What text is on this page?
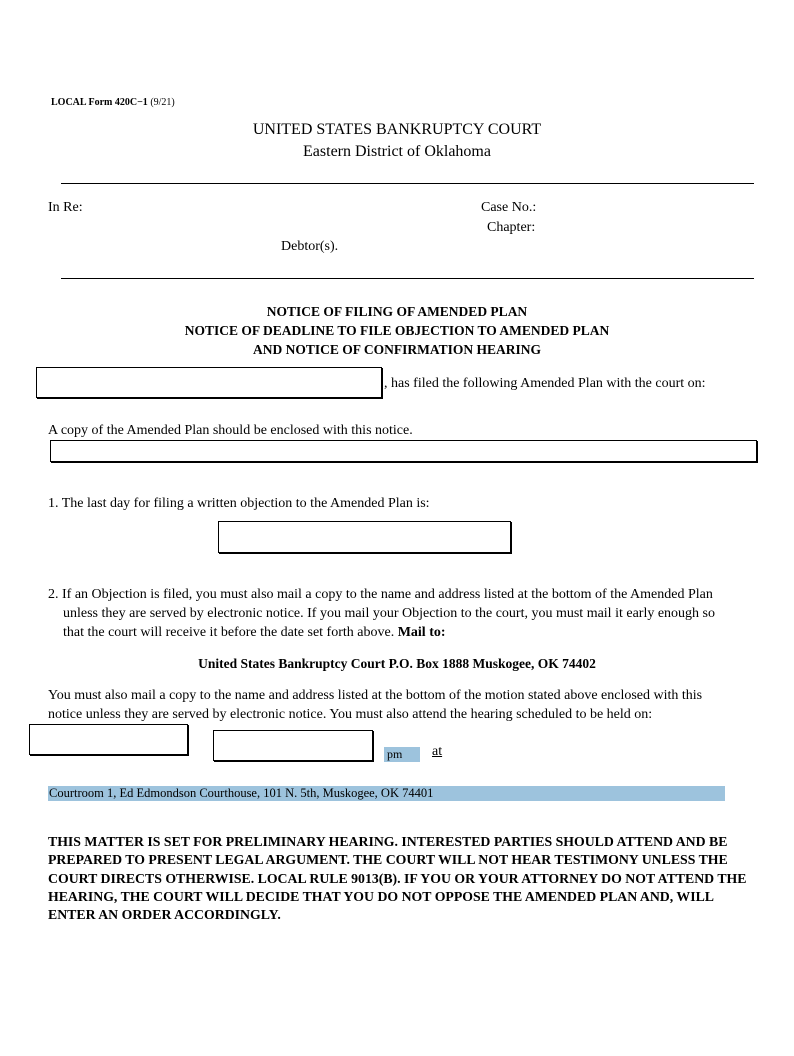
LOCAL Form 420C−1 (9/21)
UNITED STATES BANKRUPTCY COURT
Eastern District of Oklahoma
In Re:	Case No.:
Chapter:
Debtor(s).
NOTICE OF FILING OF AMENDED PLAN
NOTICE OF DEADLINE TO FILE OBJECTION TO AMENDED PLAN
AND NOTICE OF CONFIRMATION HEARING
, has filed the following Amended Plan with the court on:
A copy of the Amended Plan should be enclosed with this notice.
1. The last day for filing a written objection to the Amended Plan is:
2. If an Objection is filed, you must also mail a copy to the name and address listed at the bottom of the Amended Plan
unless they are served by electronic notice. If you mail your Objection to the court, you must mail it early enough so
that the court will receive it before the date set forth above. Mail to:
United States Bankruptcy Court P.O. Box 1888 Muskogee, OK 74402
You must also mail a copy to the name and address listed at the bottom of the motion stated above enclosed with this
notice unless they are served by electronic notice. You must also attend the hearing scheduled to be held on:
pm	at
Courtroom 1, Ed Edmondson Courthouse, 101 N. 5th, Muskogee, OK 74401
THIS MATTER IS SET FOR PRELIMINARY HEARING. INTERESTED PARTIES SHOULD ATTEND AND BE PREPARED TO PRESENT LEGAL ARGUMENT. THE COURT WILL NOT HEAR TESTIMONY UNLESS THE COURT DIRECTS OTHERWISE. LOCAL RULE 9013(B). IF YOU OR YOUR ATTORNEY DO NOT ATTEND THE HEARING, THE COURT WILL DECIDE THAT YOU DO NOT OPPOSE THE AMENDED PLAN AND, WILL ENTER AN ORDER ACCORDINGLY.
